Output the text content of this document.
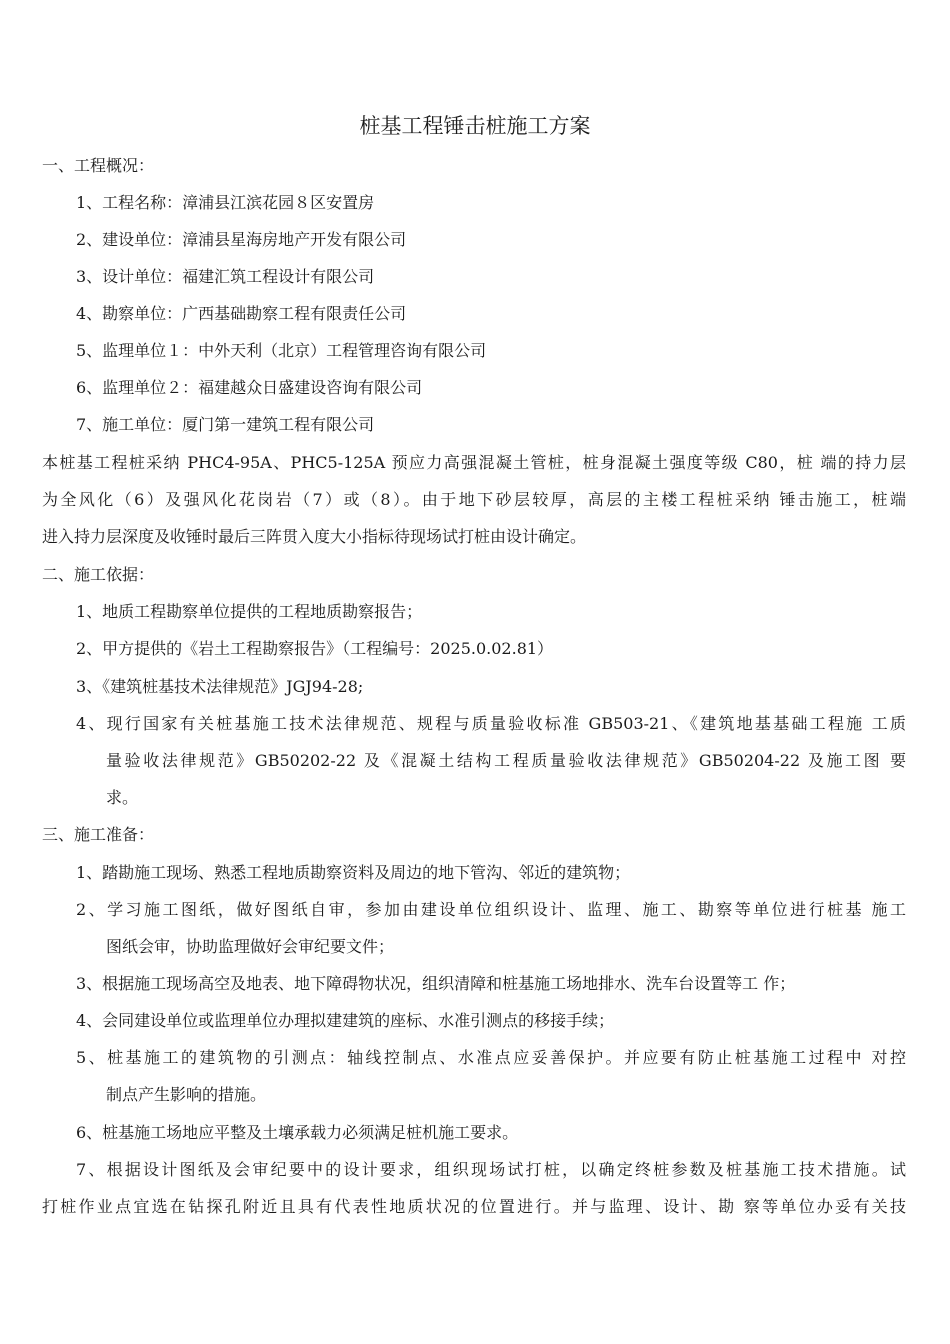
桩基工程锤击桩施工方案
一、工程概况：
1、工程名称：漳浦县江滨花园８区安置房
2、建设单位：漳浦县星海房地产开发有限公司
3、设计单位：福建汇筑工程设计有限公司
4、勘察单位：广西基础勘察工程有限责任公司
5、监理单位１：中外天利（北京）工程管理咨询有限公司
6、监理单位２：福建越众日盛建设咨询有限公司
7、施工单位：厦门第一建筑工程有限公司
本桩基工程桩采纳 PHC4-95A、PHC5-125A 预应力高强混凝土管桩，桩身混凝土强度等级 C80，桩 端的持力层
为全风化（6）及强风化花岗岩（7）或（8）。由于地下砂层较厚，高层的主楼工程桩采纳 锤击施工，桩端
进入持力层深度及收锤时最后三阵贯入度大小指标待现场试打桩由设计确定。
二、施工依据：
1、地质工程勘察单位提供的工程地质勘察报告；
2、甲方提供的《岩土工程勘察报告》（工程编号：2025.0.02.81）
3、《建筑桩基技术法律规范》JGJ94-28;
4、现行国家有关桩基施工技术法律规范、规程与质量验收标准 GB503-21、《建筑地基基础工程施 工质
量验收法律规范》GB50202-22 及《混凝土结构工程质量验收法律规范》GB50204-22 及施工图 要
求。
三、施工准备：
1、踏勘施工现场、熟悉工程地质勘察资料及周边的地下管沟、邻近的建筑物；
2、学习施工图纸，做好图纸自审，参加由建设单位组织设计、监理、施工、勘察等单位进行桩基 施工
图纸会审，协助监理做好会审纪要文件；
3、根据施工现场高空及地表、地下障碍物状况，组织清障和桩基施工场地排水、洗车台设置等工 作；
4、会同建设单位或监理单位办理拟建建筑的座标、水准引测点的移接手续；
5、桩基施工的建筑物的引测点：轴线控制点、水准点应妥善保护。并应要有防止桩基施工过程中 对控
制点产生影响的措施。
6、桩基施工场地应平整及土壤承载力必须满足桩机施工要求。
7、根据设计图纸及会审纪要中的设计要求，组织现场试打桩，以确定终桩参数及桩基施工技术措施。试
打桩作业点宜选在钻探孔附近且具有代表性地质状况的位置进行。并与监理、设计、勘 察等单位办妥有关技
